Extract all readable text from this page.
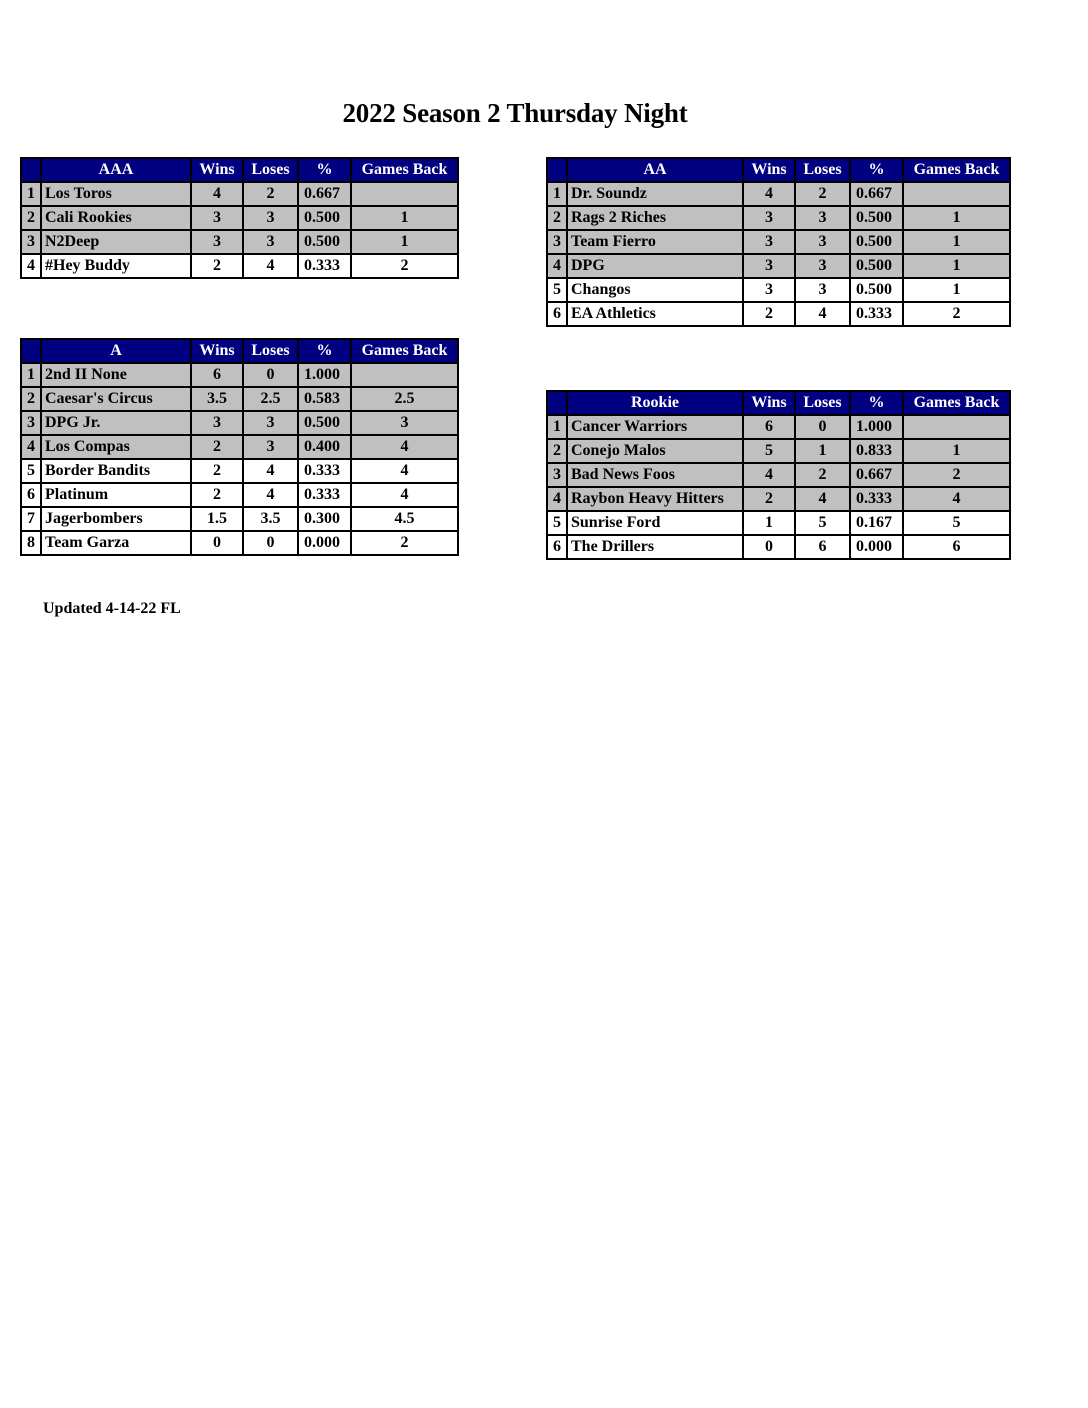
2022 Season 2 Thursday Night
	AAA	Wins	Loses	%	Games Back
1	Los Toros	4	2	0.667	
2	Cali Rookies	3	3	0.500	1
3	N2Deep	3	3	0.500	1
4	#Hey Buddy	2	4	0.333	2
	AA	Wins	Loses	%	Games Back
1	Dr. Soundz	4	2	0.667	
2	Rags 2 Riches	3	3	0.500	1
3	Team Fierro	3	3	0.500	1
4	DPG	3	3	0.500	1
5	Changos	3	3	0.500	1
6	EA Athletics	2	4	0.333	2
	A	Wins	Loses	%	Games Back
1	2nd II None	6	0	1.000	
2	Caesar's Circus	3.5	2.5	0.583	2.5
3	DPG Jr.	3	3	0.500	3
4	Los Compas	2	3	0.400	4
5	Border Bandits	2	4	0.333	4
6	Platinum	2	4	0.333	4
7	Jagerbombers	1.5	3.5	0.300	4.5
8	Team Garza	0	0	0.000	2
	Rookie	Wins	Loses	%	Games Back
1	Cancer Warriors	6	0	1.000	
2	Conejo Malos	5	1	0.833	1
3	Bad News Foos	4	2	0.667	2
4	Raybon Heavy Hitters	2	4	0.333	4
5	Sunrise Ford	1	5	0.167	5
6	The Drillers	0	6	0.000	6
Updated 4-14-22 FL
